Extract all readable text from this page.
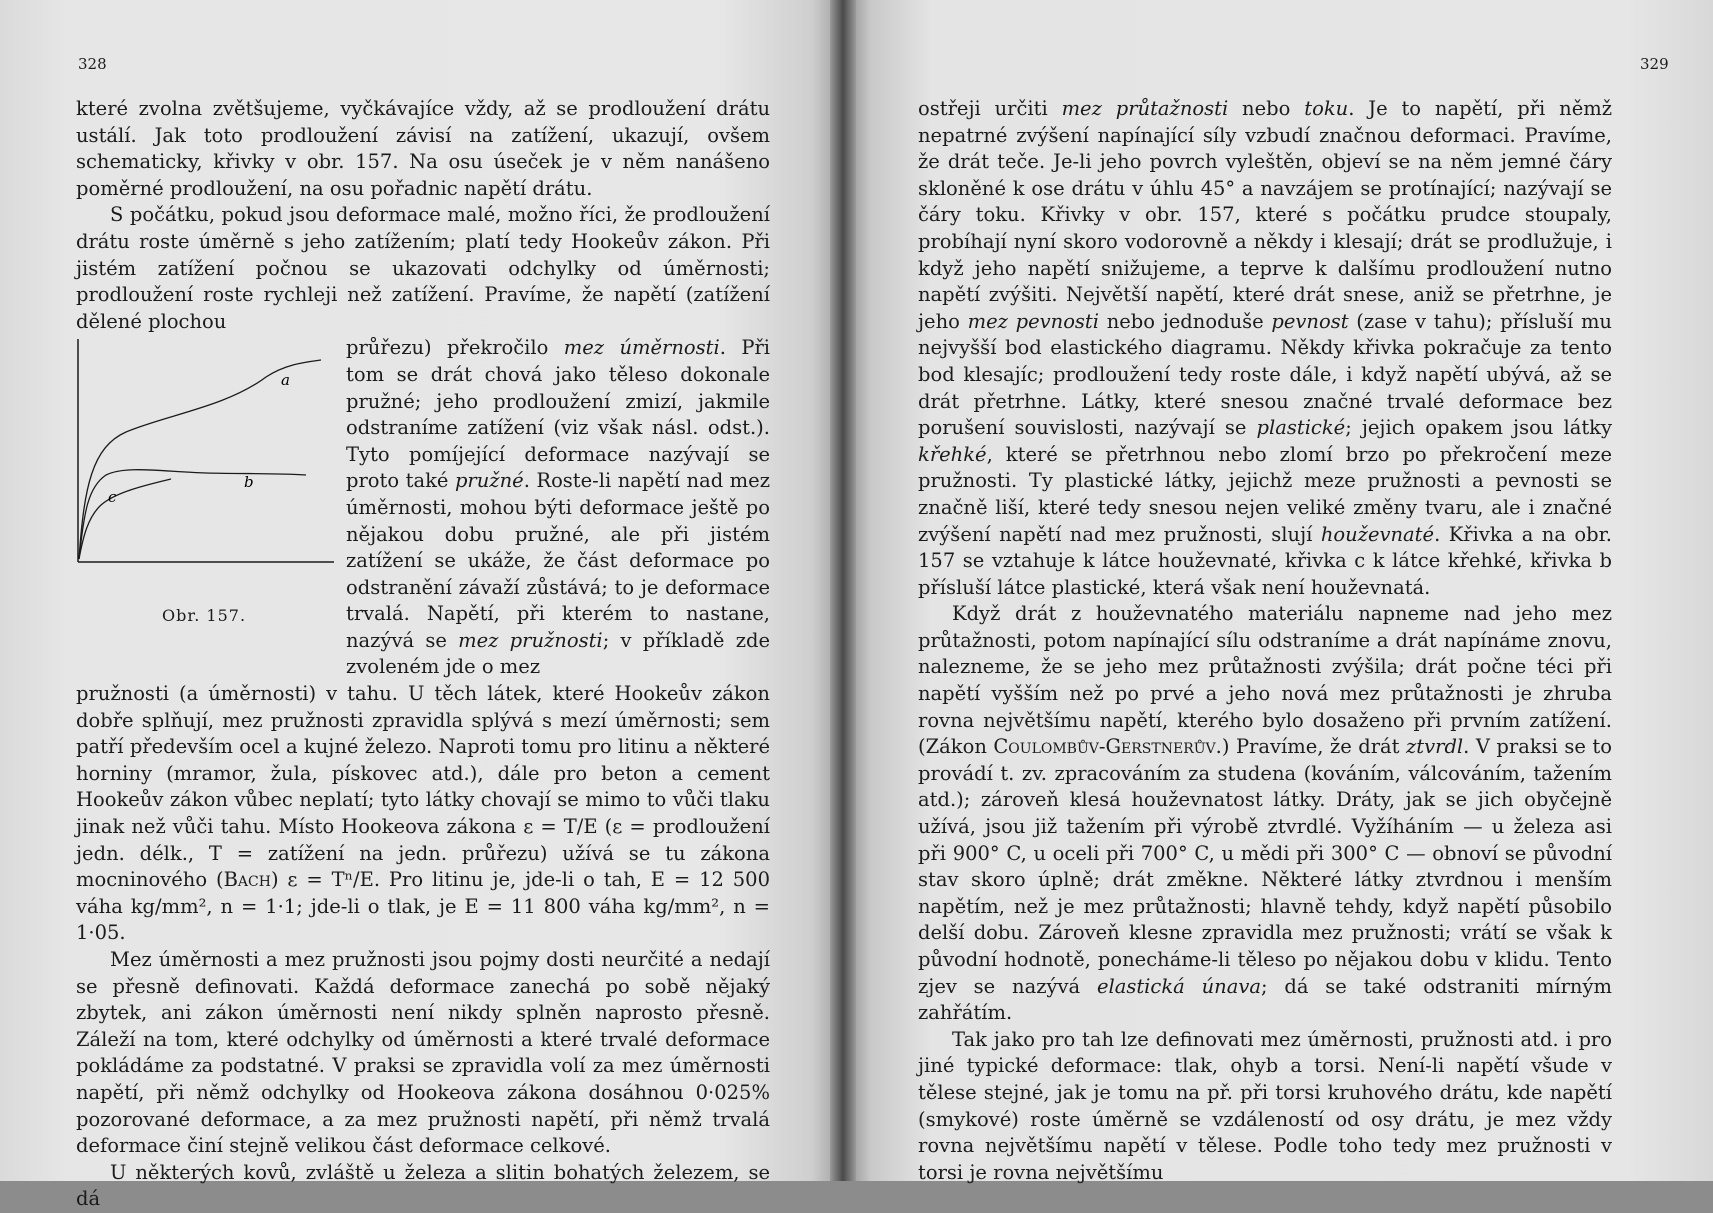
328

které zvolna zvětšujeme, vyčkávajíce vždy, až se prodloužení drátu ustálí. Jak toto prodloužení závisí na zatížení, ukazují, ovšem schematicky, křivky v obr. 157. Na osu úseček je v něm nanášeno poměrné prodloužení, na osu pořadnic napětí drátu.

S počátku, pokud jsou deformace malé, možno říci, že prodloužení drátu roste úměrně s jeho zatížením; platí tedy Hookeův zákon. Při jistém zatížení počnou se ukazovati odchylky od úměrnosti; prodloužení roste rychleji než zatížení. Pravíme, že napětí (zatížení dělené plochou

a
b
c
Obr. 157.

průřezu) překročilo mez úměrnosti. Při tom se drát chová jako těleso dokonale pružné; jeho prodloužení zmizí, jakmile odstraníme zatížení (viz však násl. odst.). Tyto pomíjející deformace nazývají se proto také pružné. Roste-li napětí nad mez úměrnosti, mohou býti deformace ještě po nějakou dobu pružné, ale při jistém zatížení se ukáže, že část deformace po odstranění závaží zůstává; to je deformace trvalá. Napětí, při kterém to nastane, nazývá se mez pružnosti; v příkladě zde zvoleném jde o mez

pružnosti (a úměrnosti) v tahu. U těch látek, které Hookeův zákon dobře splňují, mez pružnosti zpravidla splývá s mezí úměrnosti; sem patří především ocel a kujné železo. Naproti tomu pro litinu a některé horniny (mramor, žula, pískovec atd.), dále pro beton a cement Hookeův zákon vůbec neplatí; tyto látky chovají se mimo to vůči tlaku jinak než vůči tahu. Místo Hookeova zákona ε = T/E (ε = prodloužení jedn. délk., T = zatížení na jedn. průřezu) užívá se tu zákona mocninového (Bach) ε = Tⁿ/E. Pro litinu je, jde-li o tah, E = 12 500 váha kg/mm², n = 1·1; jde-li o tlak, je E = 11 800 váha kg/mm², n = 1·05.

Mez úměrnosti a mez pružnosti jsou pojmy dosti neurčité a nedají se přesně definovati. Každá deformace zanechá po sobě nějaký zbytek, ani zákon úměrnosti není nikdy splněn naprosto přesně. Záleží na tom, které odchylky od úměrnosti a které trvalé deformace pokládáme za podstatné. V praksi se zpravidla volí za mez úměrnosti napětí, při němž odchylky od Hookeova zákona dosáhnou 0·025% pozorované deformace, a za mez pružnosti napětí, při němž trvalá deformace činí stejně velikou část deformace celkové.

U některých kovů, zvláště u železa a slitin bohatých železem, se dá

329

ostřeji určiti mez průtažnosti nebo toku. Je to napětí, při němž nepatrné zvýšení napínající síly vzbudí značnou deformaci. Pravíme, že drát teče. Je-li jeho povrch vyleštěn, objeví se na něm jemné čáry skloněné k ose drátu v úhlu 45° a navzájem se protínající; nazývají se čáry toku. Křivky v obr. 157, které s počátku prudce stoupaly, probíhají nyní skoro vodorovně a někdy i klesají; drát se prodlužuje, i když jeho napětí snižujeme, a teprve k dalšímu prodloužení nutno napětí zvýšiti. Největší napětí, které drát snese, aniž se přetrhne, je jeho mez pevnosti nebo jednoduše pevnost (zase v tahu); přísluší mu nejvyšší bod elastického diagramu. Někdy křivka pokračuje za tento bod klesajíc; prodloužení tedy roste dále, i když napětí ubývá, až se drát přetrhne. Látky, které snesou značné trvalé deformace bez porušení souvislosti, nazývají se plastické; jejich opakem jsou látky křehké, které se přetrhnou nebo zlomí brzo po překročení meze pružnosti. Ty plastické látky, jejichž meze pružnosti a pevnosti se značně liší, které tedy snesou nejen veliké změny tvaru, ale i značné zvýšení napětí nad mez pružnosti, slují houževnaté. Křivka a na obr. 157 se vztahuje k látce houževnaté, křivka c k látce křehké, křivka b přísluší látce plastické, která však není houževnatá.

Když drát z houževnatého materiálu napneme nad jeho mez průtažnosti, potom napínající sílu odstraníme a drát napínáme znovu, nalezneme, že se jeho mez průtažnosti zvýšila; drát počne téci při napětí vyšším než po prvé a jeho nová mez průtažnosti je zhruba rovna největšímu napětí, kterého bylo dosaženo při prvním zatížení. (Zákon Coulombův-Gerstnerův.) Pravíme, že drát ztvrdl. V praksi se to provádí t. zv. zpracováním za studena (kováním, válcováním, tažením atd.); zároveň klesá houževnatost látky. Dráty, jak se jich obyčejně užívá, jsou již tažením při výrobě ztvrdlé. Vyžíháním — u železa asi při 900° C, u oceli při 700° C, u mědi při 300° C — obnoví se původní stav skoro úplně; drát změkne. Některé látky ztvrdnou i menším napětím, než je mez průtažnosti; hlavně tehdy, když napětí působilo delší dobu. Zároveň klesne zpravidla mez pružnosti; vrátí se však k původní hodnotě, ponecháme-li těleso po nějakou dobu v klidu. Tento zjev se nazývá elastická únava; dá se také odstraniti mírným zahřátím.

Tak jako pro tah lze definovati mez úměrnosti, pružnosti atd. i pro jiné typické deformace: tlak, ohyb a torsi. Není-li napětí všude v tělese stejné, jak je tomu na př. při torsi kruhového drátu, kde napětí (smykové) roste úměrně se vzdáleností od osy drátu, je mez vždy rovna největšímu napětí v tělese. Podle toho tedy mez pružnosti v torsi je rovna největšímu
